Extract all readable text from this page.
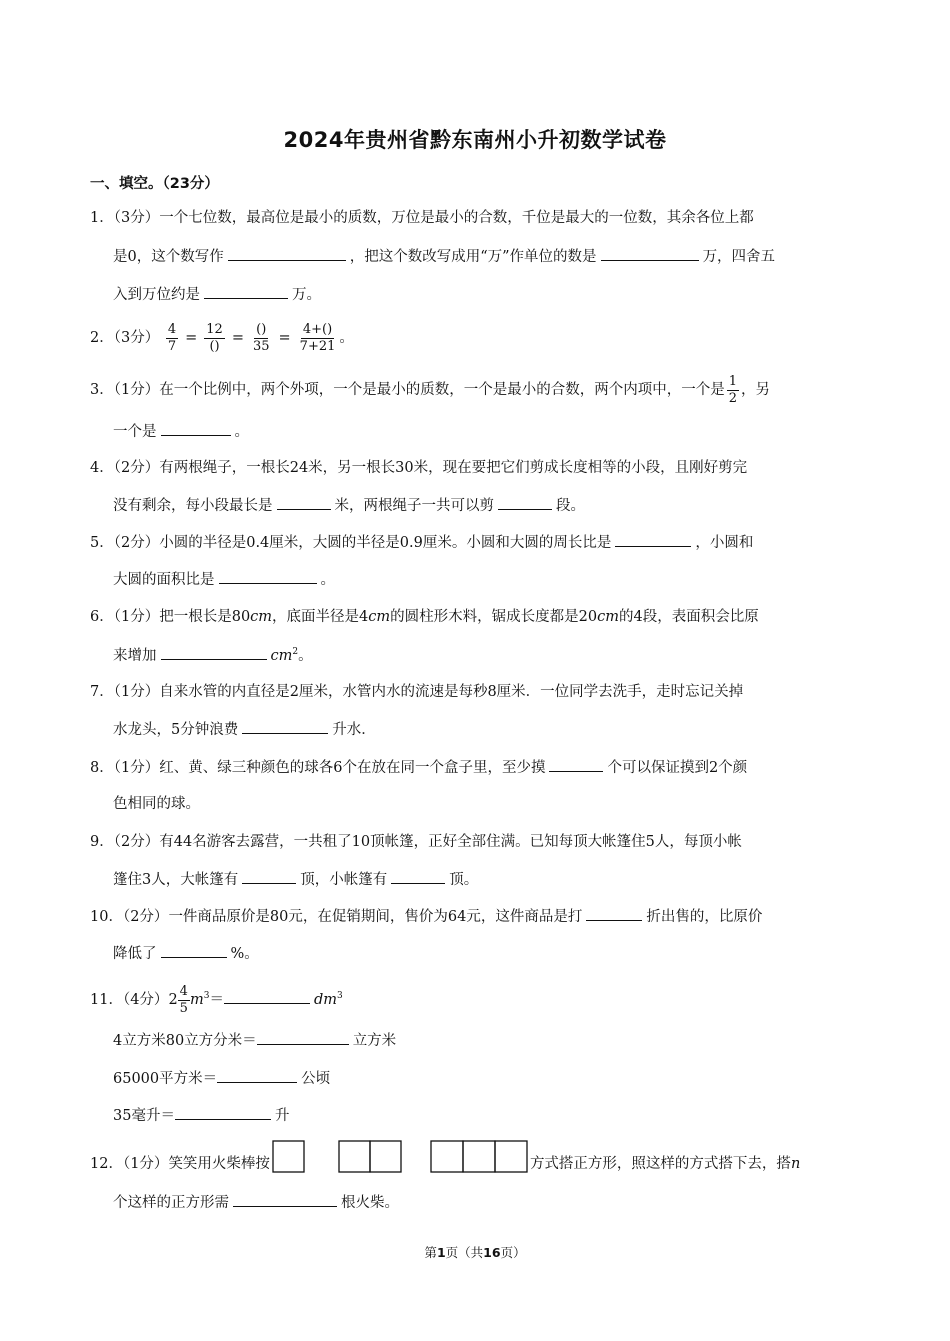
2024年贵州省黔东南州小升初数学试卷
一、填空。（23分）
1．（3分）一个七位数，最高位是最小的质数，万位是最小的合数，千位是最大的一位数，其余各位上都
是0，这个数写作	，把这个数改写成用“万”作单位的数是	万，四舍五
入到万位约是	万。
2．（3分） $\frac{4}{7} = \frac{12}{()} = \frac{()}{35} = \frac{4+()}{7+21}$ 。
3．（1分）在一个比例中，两个外项，一个是最小的质数，一个是最小的合数，两个内项中，一个是 $\frac{1}{2}$ ，另
一个是	。
4．（2分）有两根绳子，一根长24米，另一根长30米，现在要把它们剪成长度相等的小段，且刚好剪完
没有剩余，每小段最长是	米，两根绳子一共可以剪	段。
5．（2分）小圆的半径是0.4厘米，大圆的半径是0.9厘米。小圆和大圆的周长比是	，小圆和
大圆的面积比是	。
6．（1分）把一根长是80cm，底面半径是4cm的圆柱形木料，锯成长度都是20cm的4段，表面积会比原
来增加	$cm^2$。
7．（1分）自来水管的内直径是2厘米，水管内水的流速是每秒8厘米．一位同学去洗手，走时忘记关掉
水龙头，5分钟浪费	升水．
8．（1分）红、黄、绿三种颜色的球各6个在放在同一个盒子里，至少摸	个可以保证摸到2个颜
色相同的球。
9．（2分）有44名游客去露营，一共租了10顶帐篷，正好全部住满。已知每顶大帐篷住5人，每顶小帐
篷住3人，大帐篷有	顶，小帐篷有	顶。
10．（2分）一件商品原价是80元，在促销期间，售价为64元，这件商品是打	折出售的，比原价
降低了	%。
11．（4分）$2 \frac{4}{5} m^3=$	$dm^3$
4立方米80立方分米＝	立方米
65000平方米＝	公顷
35毫升＝	升
12．（1分）笑笑用火柴棒按	方式搭正方形，照这样的方式搭下去，搭n
个这样的正方形需	根火柴。
第1页（共16页）
